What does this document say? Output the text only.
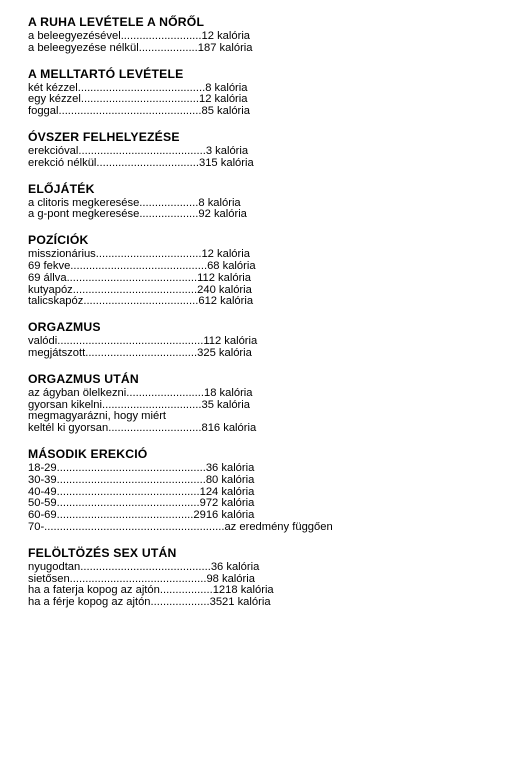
A RUHA LEVÉTELE A NŐRŐL
a beleegyezésével..........................12 kalória
a beleegyezése nélkül...................187 kalória
A MELLTARTÓ LEVÉTELE
két kézzel.........................................8 kalória
egy kézzel......................................12 kalória
foggal..............................................85 kalória
ÓVSZER FELHELYEZÉSE
erekcióval.........................................3 kalória
erekció nélkül.................................315 kalória
ELŐJÁTÉK
a clitoris megkeresése...................8 kalória
a g-pont megkeresése...................92 kalória
POZÍCIÓK
misszionárius..................................12 kalória
69 fekve............................................68 kalória
69 állva..........................................112 kalória
kutyapóz........................................240 kalória
talicskapóz.....................................612 kalória
ORGAZMUS
valódi...............................................112 kalória
megjátszott....................................325 kalória
ORGAZMUS UTÁN
az ágyban ölelkezni.........................18 kalória
gyorsan kikelni................................35 kalória
megmagyarázni, hogy miért
keltél ki gyorsan..............................816 kalória
MÁSODIK EREKCIÓ
18-29................................................36 kalória
30-39................................................80 kalória
40-49..............................................124 kalória
50-59..............................................972 kalória
60-69............................................2916 kalória
70-..........................................................az eredmény függően
FELÖLTÖZÉS SEX UTÁN
nyugodtan..........................................36 kalória
sietősen............................................98 kalória
ha a faterja kopog az ajtón.................1218 kalória
ha a férje kopog az ajtón...................3521 kalória
